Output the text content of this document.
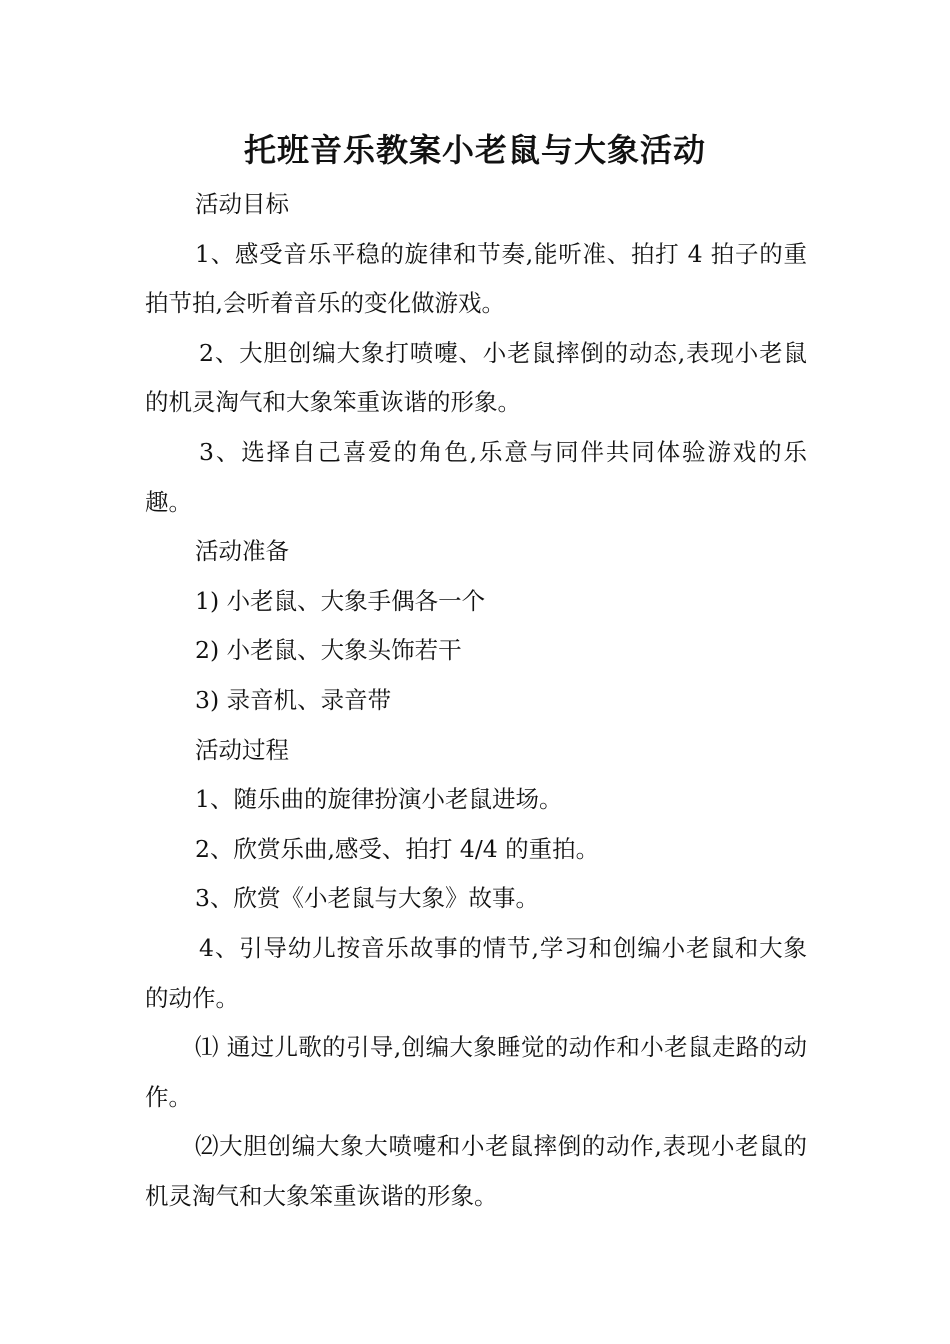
托班音乐教案小老鼠与大象活动

活动目标

1、感受音乐平稳的旋律和节奏,能听准、拍打 4 拍子的重拍节拍,会听着音乐的变化做游戏。

2、大胆创编大象打喷嚏、小老鼠摔倒的动态,表现小老鼠的机灵淘气和大象笨重诙谐的形象。

3、选择自己喜爱的角色,乐意与同伴共同体验游戏的乐趣。

活动准备

1) 小老鼠、大象手偶各一个

2) 小老鼠、大象头饰若干

3) 录音机、录音带

活动过程

1、随乐曲的旋律扮演小老鼠进场。

2、欣赏乐曲,感受、拍打 4/4 的重拍。

3、欣赏《小老鼠与大象》故事。

4、引导幼儿按音乐故事的情节,学习和创编小老鼠和大象的动作。

⑴ 通过儿歌的引导,创编大象睡觉的动作和小老鼠走路的动作。

⑵大胆创编大象大喷嚏和小老鼠摔倒的动作,表现小老鼠的机灵淘气和大象笨重诙谐的形象。
